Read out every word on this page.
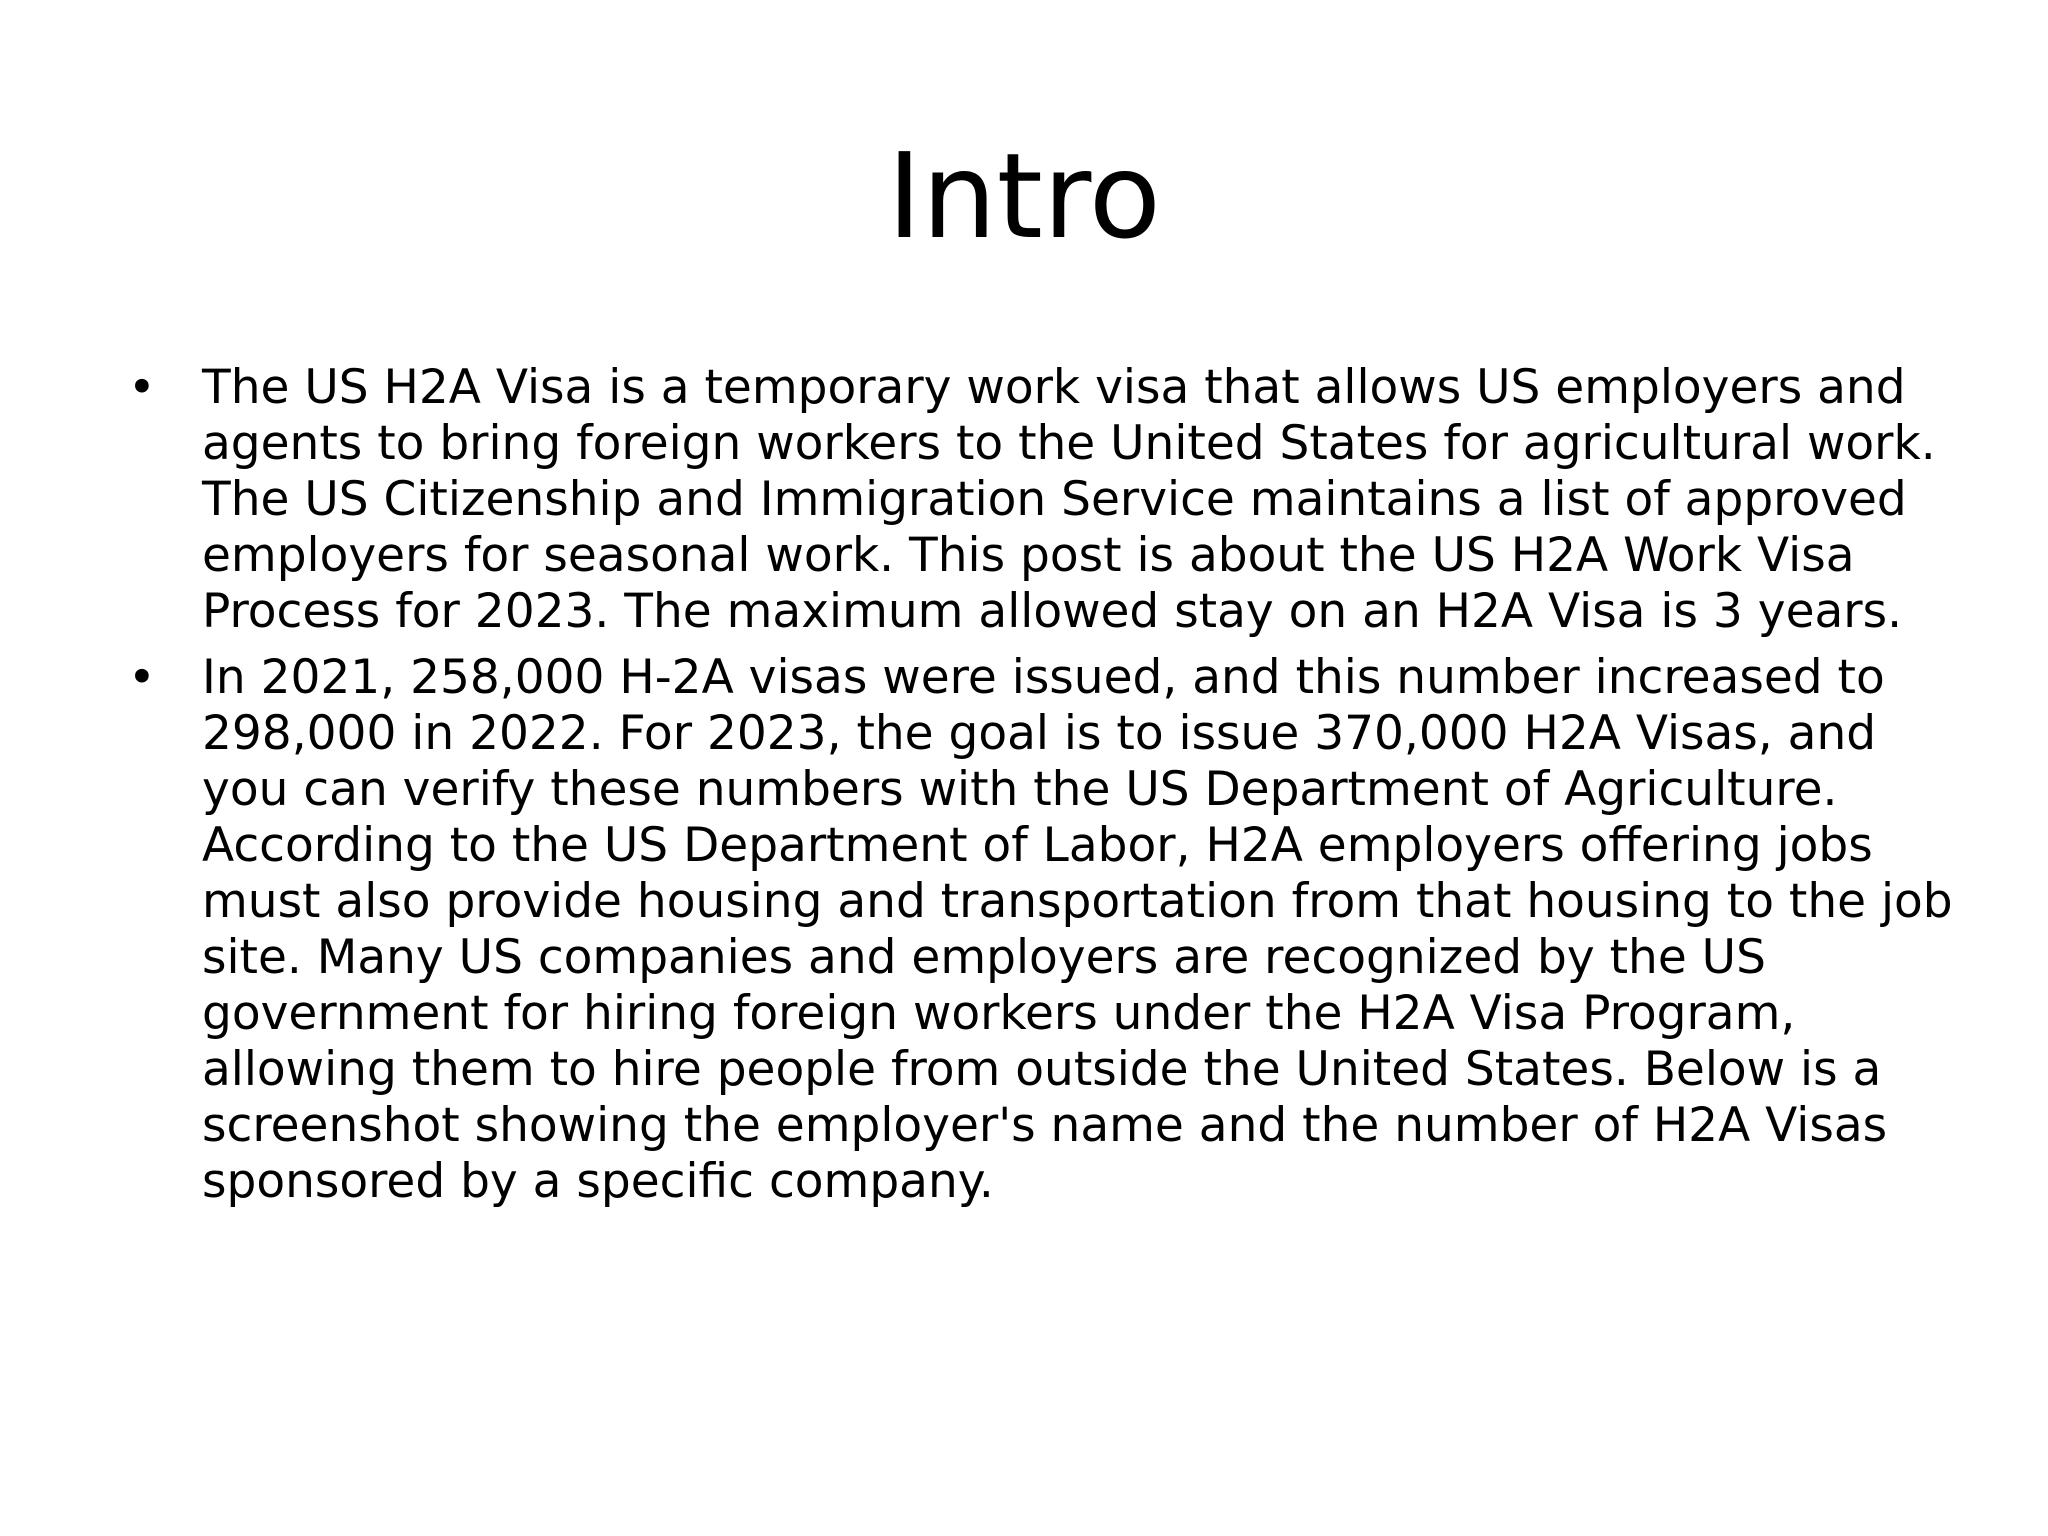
Intro
• The US H2A Visa is a temporary work visa that allows US employers and agents to bring foreign workers to the United States for agricultural work. The US Citizenship and Immigration Service maintains a list of approved employers for seasonal work. This post is about the US H2A Work Visa Process for 2023. The maximum allowed stay on an H2A Visa is 3 years.
• In 2021, 258,000 H-2A visas were issued, and this number increased to 298,000 in 2022. For 2023, the goal is to issue 370,000 H2A Visas, and you can verify these numbers with the US Department of Agriculture. According to the US Department of Labor, H2A employers offering jobs must also provide housing and transportation from that housing to the job site. Many US companies and employers are recognized by the US government for hiring foreign workers under the H2A Visa Program, allowing them to hire people from outside the United States. Below is a screenshot showing the employer's name and the number of H2A Visas sponsored by a specific company.
